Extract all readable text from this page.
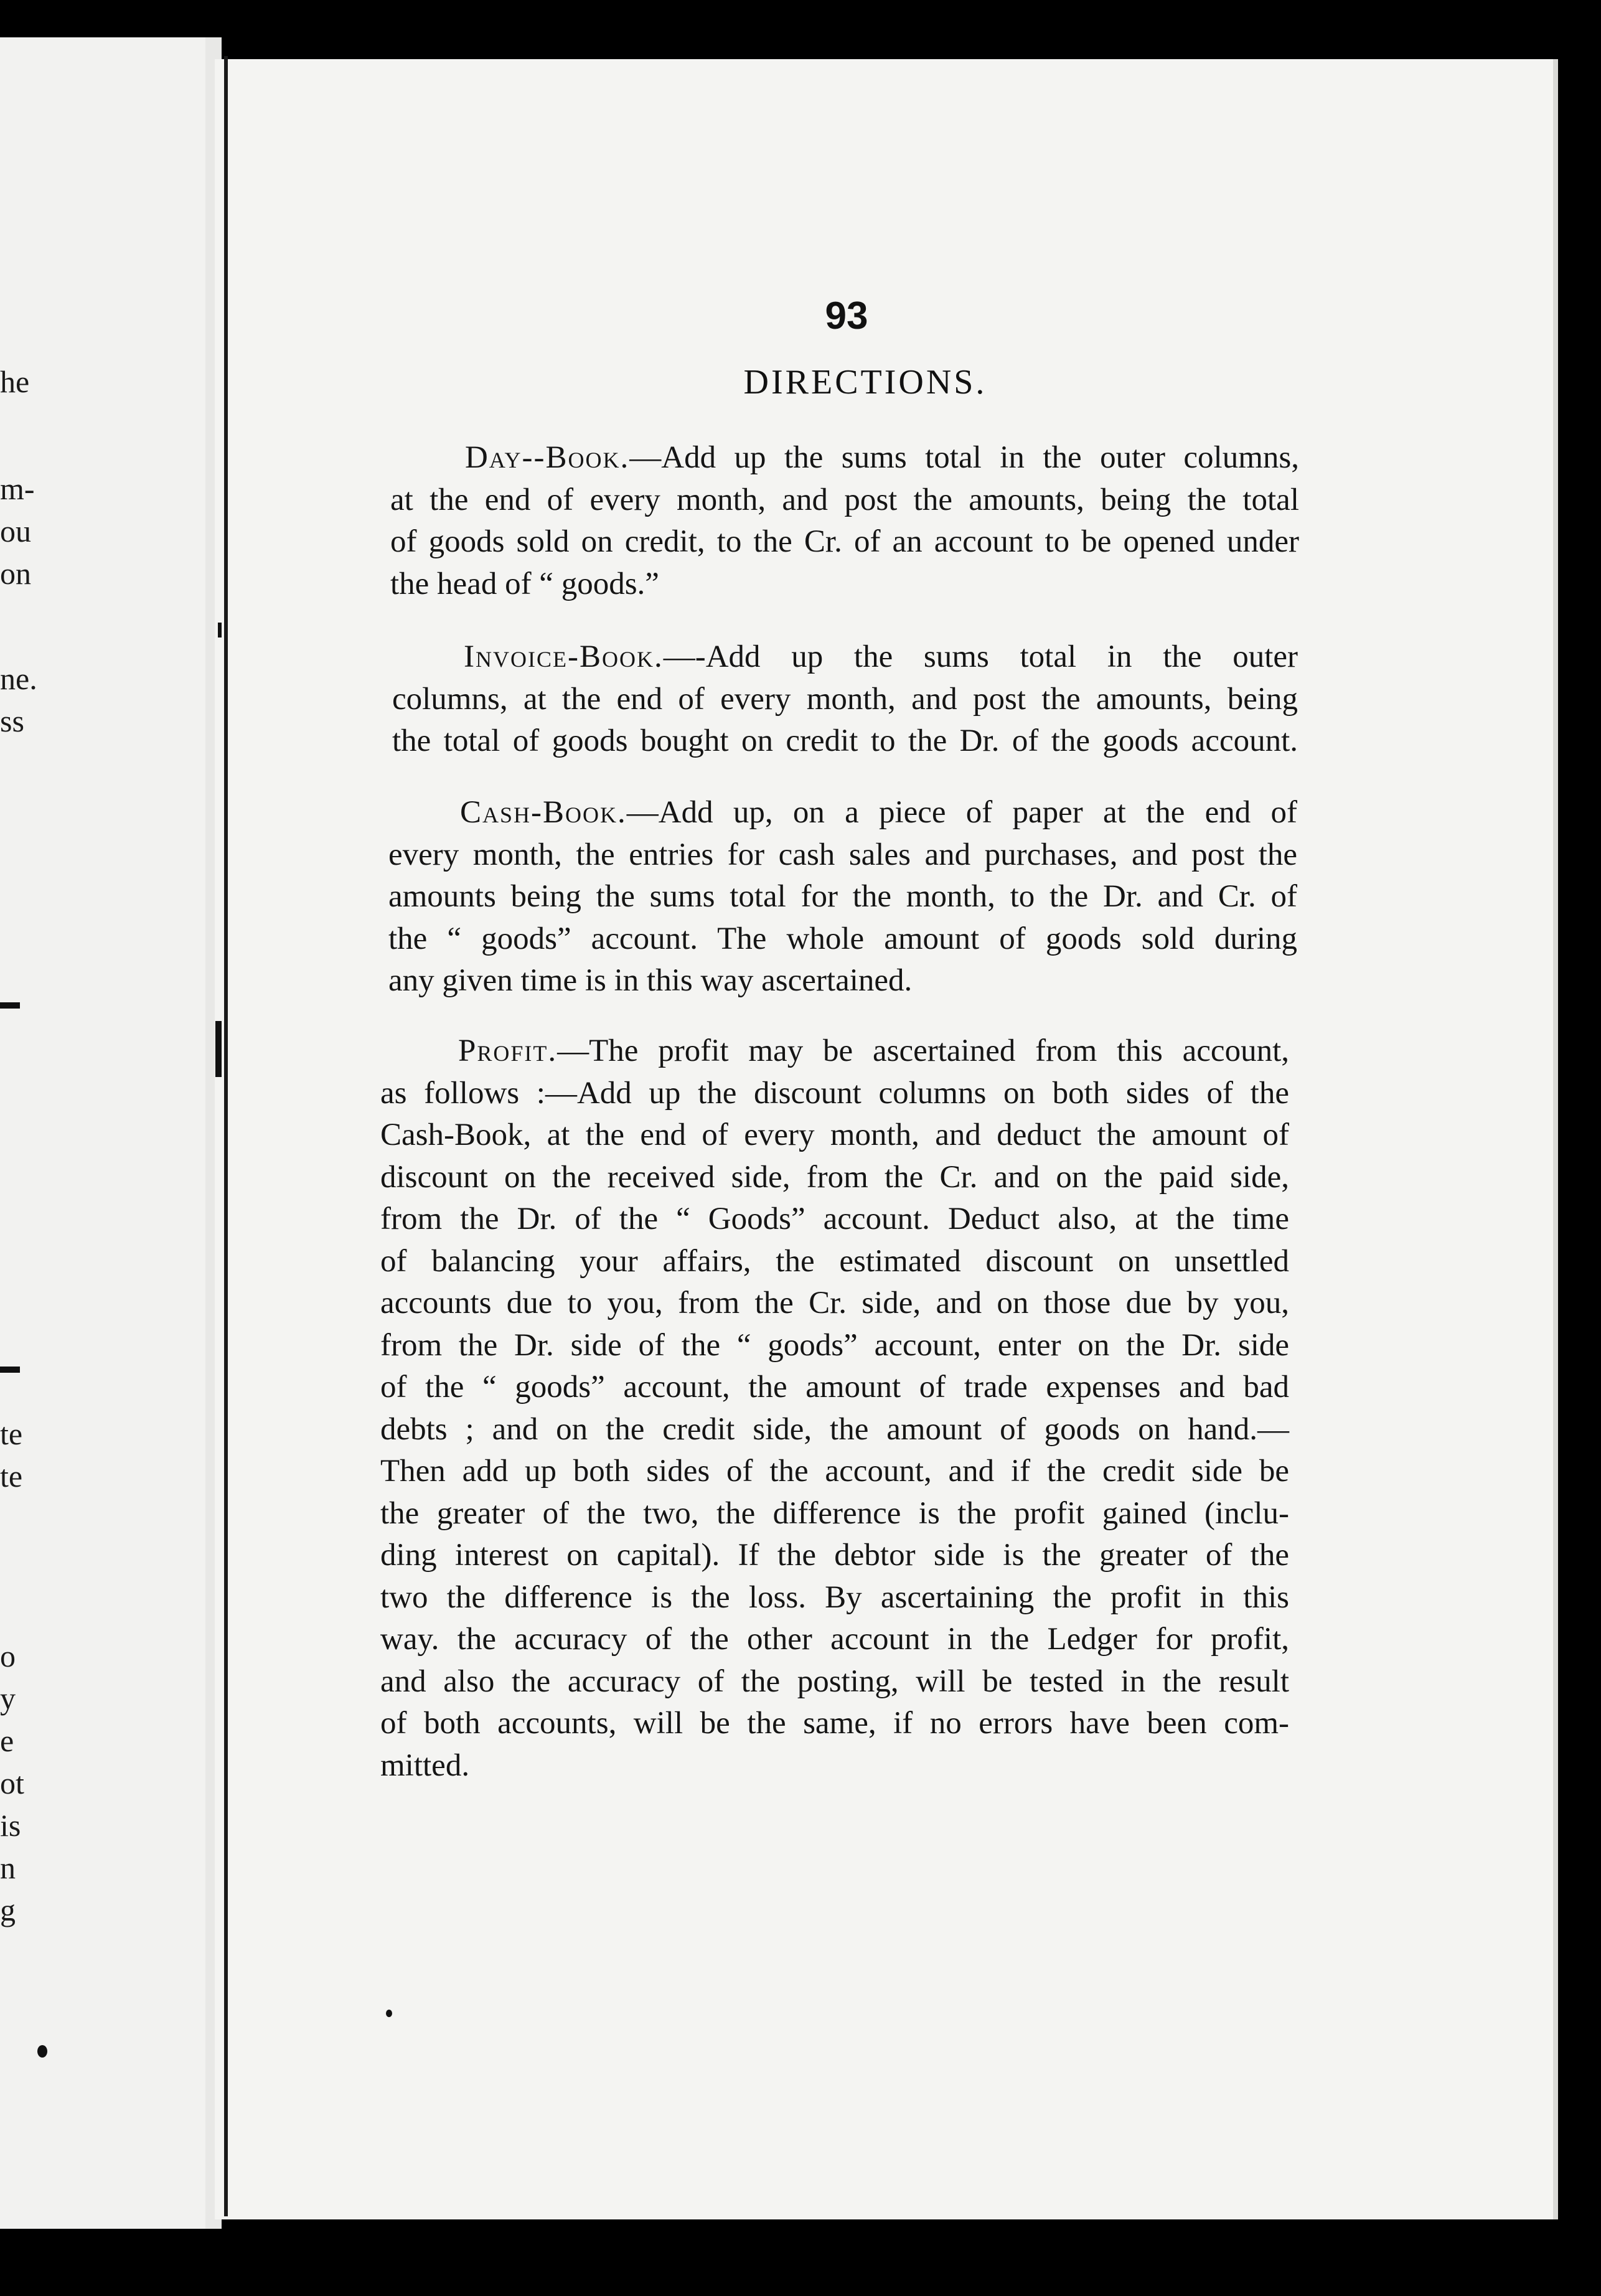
he
m-
ou
on
ne.
ss
te
te
o
y
e
ot
is
n
g
93
DIRECTIONS.
Day--Book.—Add up the sums total in the outer columns,
at the end of every month, and post the amounts, being the total
of goods sold on credit, to the Cr. of an account to be opened under
the head of “ goods.”
Invoice-Book.—-Add up the sums total in the outer
columns, at the end of every month, and post the amounts, being
the total of goods bought on credit to the Dr. of the goods account.
Cash-Book.—Add up, on a piece of paper at the end of
every month, the entries for cash sales and purchases, and post the
amounts being the sums total for the month, to the Dr. and Cr. of
the “ goods” account. The whole amount of goods sold during
any given time is in this way ascertained.
Profit.—The profit may be ascertained from this account,
as follows :—Add up the discount columns on both sides of the
Cash-Book, at the end of every month, and deduct the amount of
discount on the received side, from the Cr. and on the paid side,
from the Dr. of the “ Goods” account. Deduct also, at the time
of balancing your affairs, the estimated discount on unsettled
accounts due to you, from the Cr. side, and on those due by you,
from the Dr. side of the “ goods” account, enter on the Dr. side
of the “ goods” account, the amount of trade expenses and bad
debts ; and on the credit side, the amount of goods on hand.—
Then add up both sides of the account, and if the credit side be
the greater of the two, the difference is the profit gained (inclu-
ding interest on capital). If the debtor side is the greater of the
two the difference is the loss. By ascertaining the profit in this
way. the accuracy of the other account in the Ledger for profit,
and also the accuracy of the posting, will be tested in the result
of both accounts, will be the same, if no errors have been com-
mitted.
